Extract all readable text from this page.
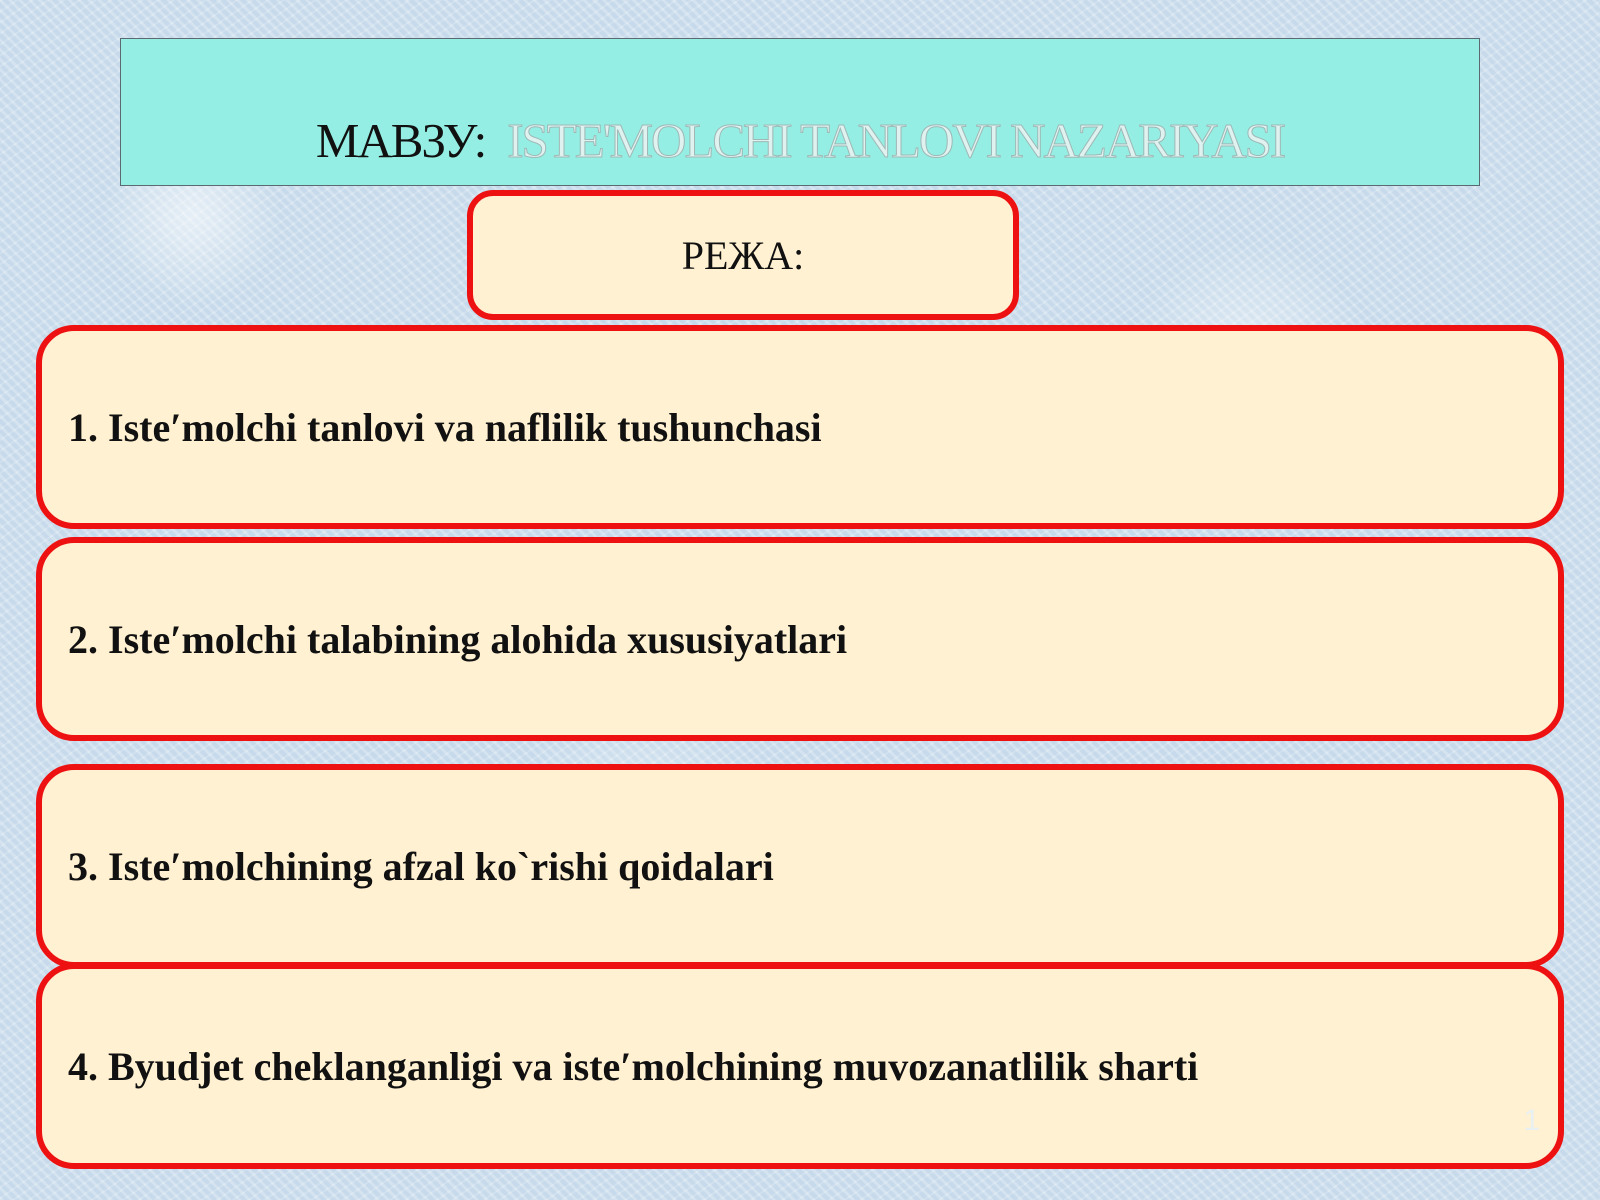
МАВЗУ: ISTE'MOLCHI TANLOVI NAZARIYASI
РЕЖА:
1. Iste′molchi tanlovi va naflilik tushunchasi
2. Iste′molchi talabining alohida xususiyatlari
3. Iste′molchining afzal ko`rishi qoidalari
4. Byudjet cheklanganligi va iste′molchining muvozanatlilik sharti
1
